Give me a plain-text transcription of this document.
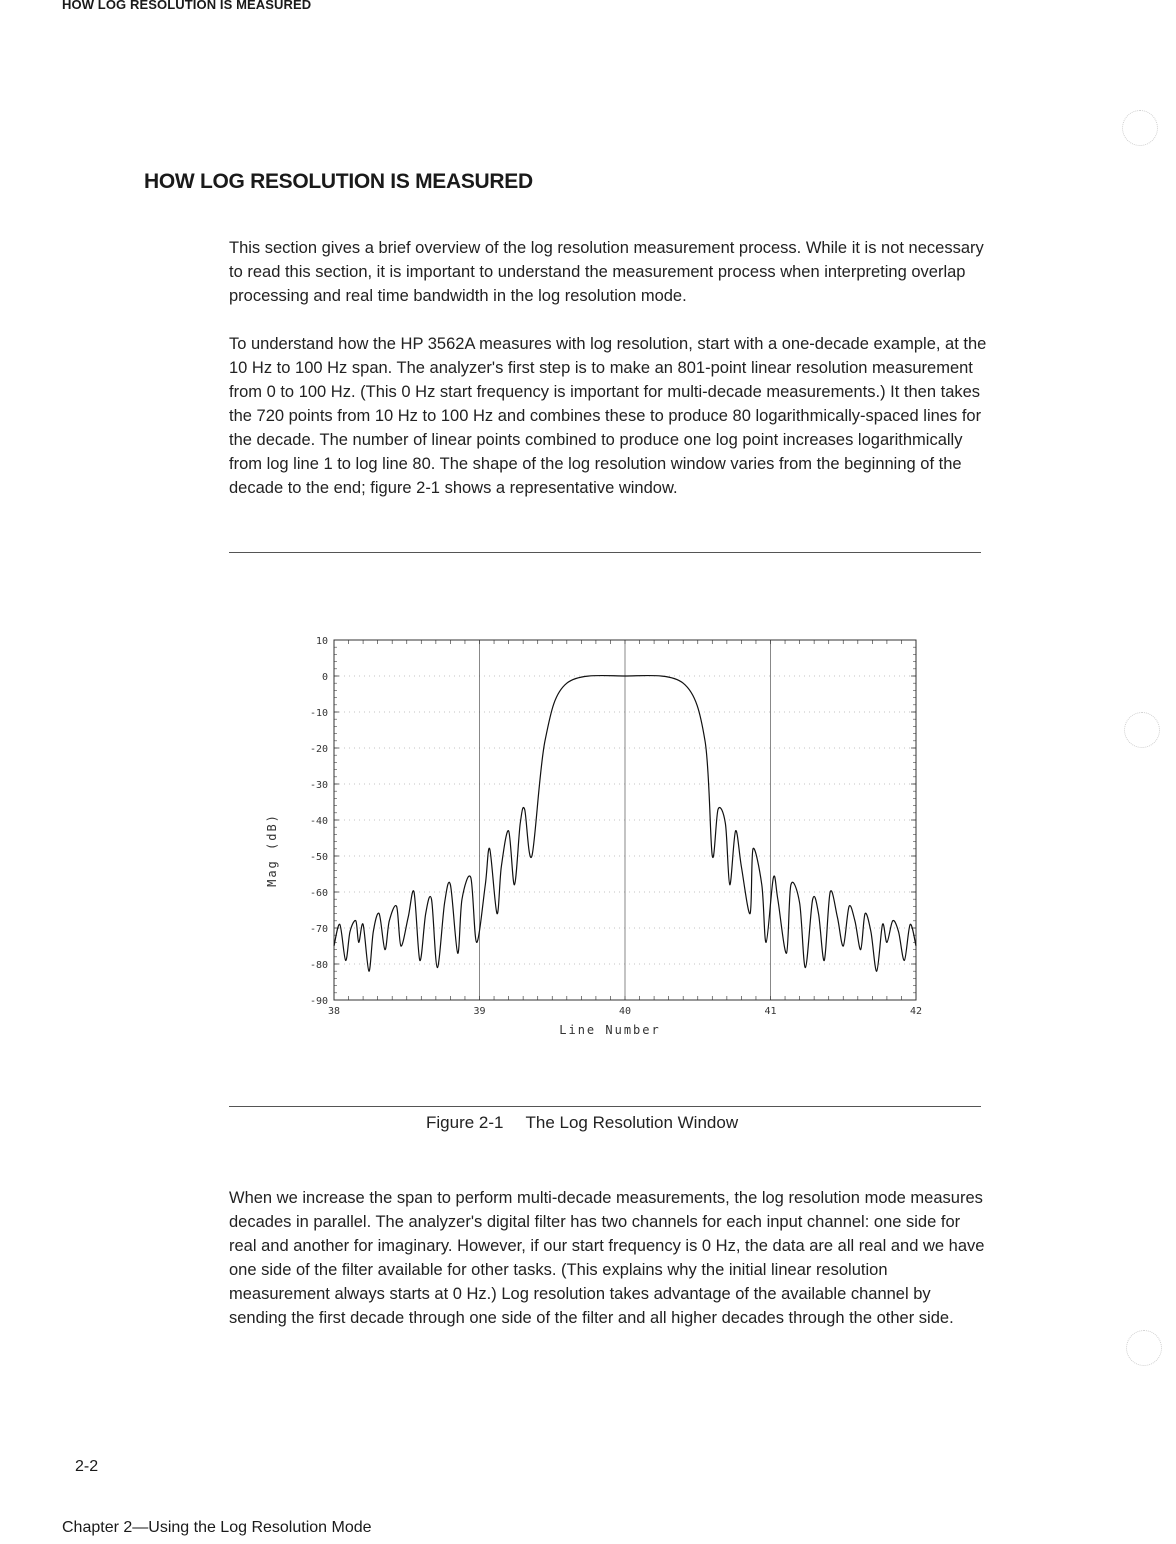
HOW LOG RESOLUTION IS MEASURED
HOW LOG RESOLUTION IS MEASURED

This section gives a brief overview of the log resolution measurement process. While it is not necessary to read this section, it is important to understand the measurement process when interpreting overlap processing and real time bandwidth in the log resolution mode.

To understand how the HP 3562A measures with log resolution, start with a one-decade example, at the 10 Hz to 100 Hz span. The analyzer's first step is to make an 801-point linear resolution measurement from 0 to 100 Hz. (This 0 Hz start frequency is important for multi-decade measurements.) It then takes the 720 points from 10 Hz to 100 Hz and combines these to produce 80 logarithmically-spaced lines for the decade. The number of linear points combined to produce one log point increases logarithmically from log line 1 to log line 80. The shape of the log resolution window varies from the beginning of the decade to the end; figure 2-1 shows a representative window.

10
0
-10
-20
-30
-40
-50
-60
-70
-80
-90
38	39	40	41	42
Line Number
Mag (dB)
Figure 2-1 The Log Resolution Window

When we increase the span to perform multi-decade measurements, the log resolution mode measures decades in parallel. The analyzer's digital filter has two channels for each input channel: one side for real and another for imaginary. However, if our start frequency is 0 Hz, the data are all real and we have one side of the filter available for other tasks. (This explains why the initial linear resolution measurement always starts at 0 Hz.) Log resolution takes advantage of the available channel by sending the first decade through one side of the filter and all higher decades through the other side.

2-2
Chapter 2—Using the Log Resolution Mode
